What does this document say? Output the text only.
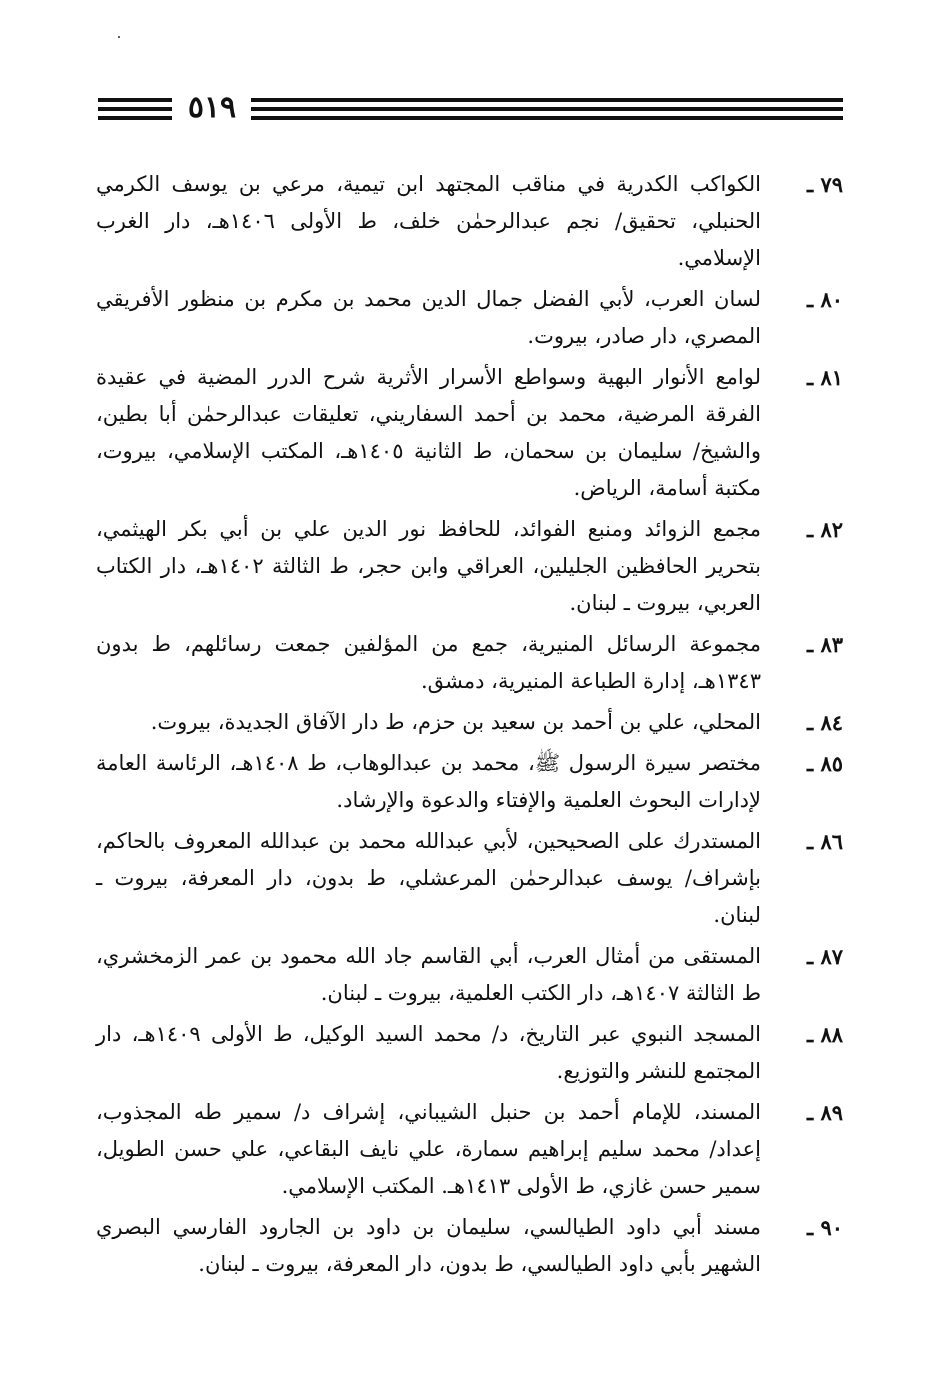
٥١٩
٧٩ ـ
الكواكب الكدرية في مناقب المجتهد ابن تيمية، مرعي بن يوسف الكرمي الحنبلي، تحقيق/ نجم عبدالرحمٰن خلف، ط الأولى ١٤٠٦هـ، دار الغرب الإسلامي.
٨٠ ـ
لسان العرب، لأبي الفضل جمال الدين محمد بن مكرم بن منظور الأفريقي المصري، دار صادر، بيروت.
٨١ ـ
لوامع الأنوار البهية وسواطع الأسرار الأثرية شرح الدرر المضية في عقيدة الفرقة المرضية، محمد بن أحمد السفاريني، تعليقات عبدالرحمٰن أبا بطين، والشيخ/ سليمان بن سحمان، ط الثانية ١٤٠٥هـ، المكتب الإسلامي، بيروت، مكتبة أسامة، الرياض.
٨٢ ـ
مجمع الزوائد ومنبع الفوائد، للحافظ نور الدين علي بن أبي بكر الهيثمي، بتحرير الحافظين الجليلين، العراقي وابن حجر، ط الثالثة ١٤٠٢هـ، دار الكتاب العربي، بيروت ـ لبنان.
٨٣ ـ
مجموعة الرسائل المنيرية، جمع من المؤلفين جمعت رسائلهم، ط بدون ١٣٤٣هـ، إدارة الطباعة المنيرية، دمشق.
٨٤ ـ
المحلي، علي بن أحمد بن سعيد بن حزم، ط دار الآفاق الجديدة، بيروت.
٨٥ ـ
مختصر سيرة الرسول ﷺ، محمد بن عبدالوهاب، ط ١٤٠٨هـ، الرئاسة العامة لإدارات البحوث العلمية والإفتاء والدعوة والإرشاد.
٨٦ ـ
المستدرك على الصحيحين، لأبي عبدالله محمد بن عبدالله المعروف بالحاكم، بإشراف/ يوسف عبدالرحمٰن المرعشلي، ط بدون، دار المعرفة، بيروت ـ لبنان.
٨٧ ـ
المستقى من أمثال العرب، أبي القاسم جاد الله محمود بن عمر الزمخشري، ط الثالثة ١٤٠٧هـ، دار الكتب العلمية، بيروت ـ لبنان.
٨٨ ـ
المسجد النبوي عبر التاريخ، د/ محمد السيد الوكيل، ط الأولى ١٤٠٩هـ، دار المجتمع للنشر والتوزيع.
٨٩ ـ
المسند، للإمام أحمد بن حنبل الشيباني، إشراف د/ سمير طه المجذوب، إعداد/ محمد سليم إبراهيم سمارة، علي نايف البقاعي، علي حسن الطويل، سمير حسن غازي، ط الأولى ١٤١٣هـ. المكتب الإسلامي.
٩٠ ـ
مسند أبي داود الطيالسي، سليمان بن داود بن الجارود الفارسي البصري الشهير بأبي داود الطيالسي، ط بدون، دار المعرفة، بيروت ـ لبنان.
